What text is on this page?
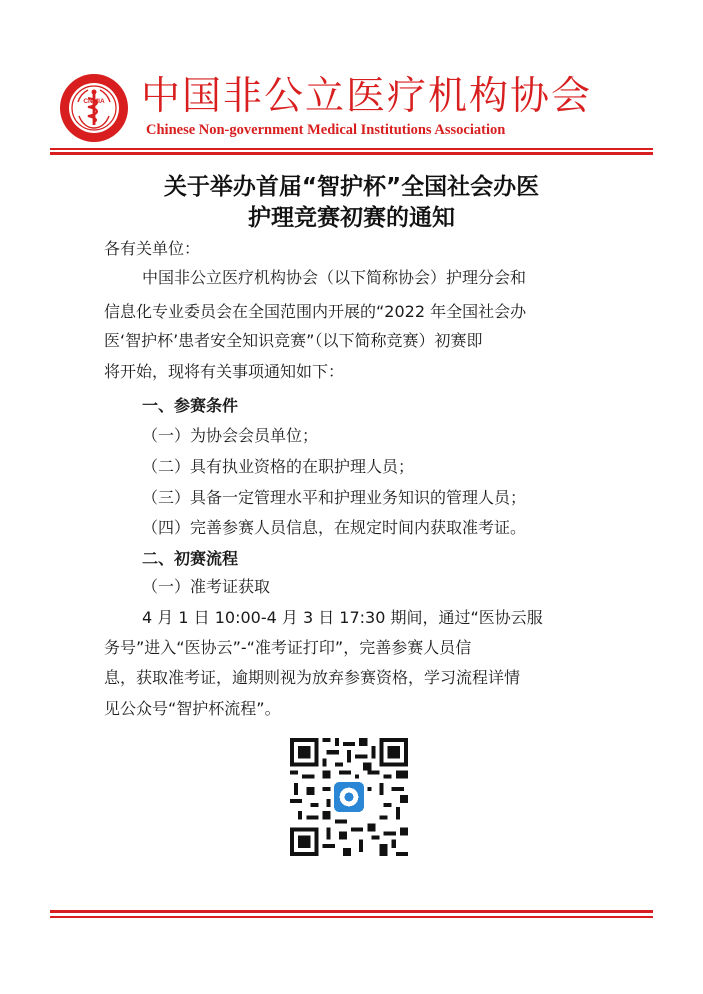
CNMIA 中国非公立医疗机构协会
Chinese Non-government Medical Institutions Association
关于举办首届“智护杯”全国社会办医
护理竞赛初赛的通知
各有关单位：
中国非公立医疗机构协会（以下简称协会）护理分会和
信息化专业委员会在全国范围内开展的“2022 年全国社会办
医‘智护杯’患者安全知识竞赛”（以下简称竞赛）初赛即
将开始，现将有关事项通知如下：
一、参赛条件
（一）为协会会员单位；
（二）具有执业资格的在职护理人员；
（三）具备一定管理水平和护理业务知识的管理人员；
（四）完善参赛人员信息，在规定时间内获取准考证。
二、初赛流程
（一）准考证获取
4 月 1 日 10:00-4 月 3 日 17:30 期间，通过“医协云服
务号”进入“医协云”-“准考证打印”，完善参赛人员信
息，获取准考证，逾期则视为放弃参赛资格，学习流程详情
见公众号“智护杯流程”。
